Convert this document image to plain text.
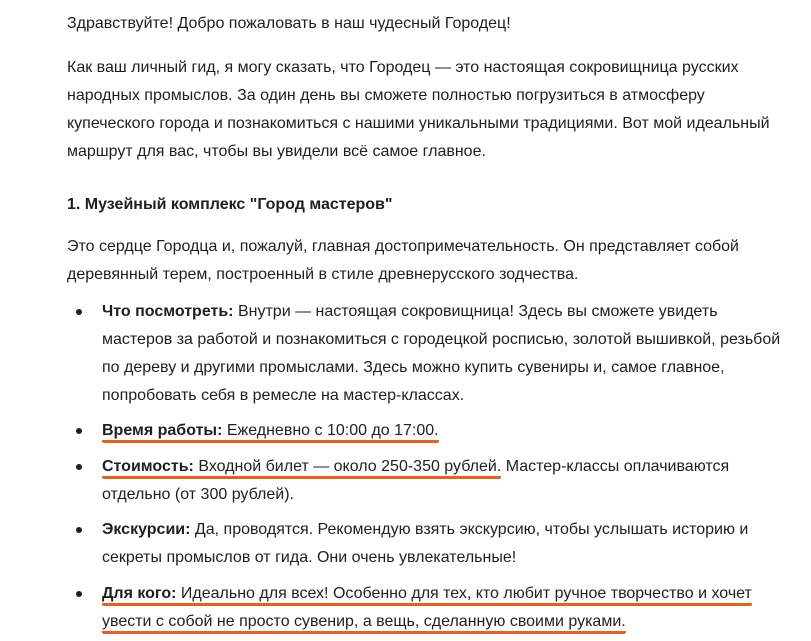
Здравствуйте! Добро пожаловать в наш чудесный Городец!

Как ваш личный гид, я могу сказать, что Городец — это настоящая сокровищница русских народных промыслов. За один день вы сможете полностью погрузиться в атмосферу купеческого города и познакомиться с нашими уникальными традициями. Вот мой идеальный маршрут для вас, чтобы вы увидели всё самое главное.

1. Музейный комплекс "Город мастеров"

Это сердце Городца и, пожалуй, главная достопримечательность. Он представляет собой деревянный терем, построенный в стиле древнерусского зодчества.

Что посмотреть: Внутри — настоящая сокровищница! Здесь вы сможете увидеть мастеров за работой и познакомиться с городецкой росписью, золотой вышивкой, резьбой по дереву и другими промыслами. Здесь можно купить сувениры и, самое главное, попробовать себя в ремесле на мастер-классах.
Время работы: Ежедневно с 10:00 до 17:00.
Стоимость: Входной билет — около 250-350 рублей. Мастер-классы оплачиваются отдельно (от 300 рублей).
Экскурсии: Да, проводятся. Рекомендую взять экскурсию, чтобы услышать историю и секреты промыслов от гида. Они очень увлекательные!
Для кого: Идеально для всех! Особенно для тех, кто любит ручное творчество и хочет
увести с собой не просто сувенир, а вещь, сделанную своими руками.
